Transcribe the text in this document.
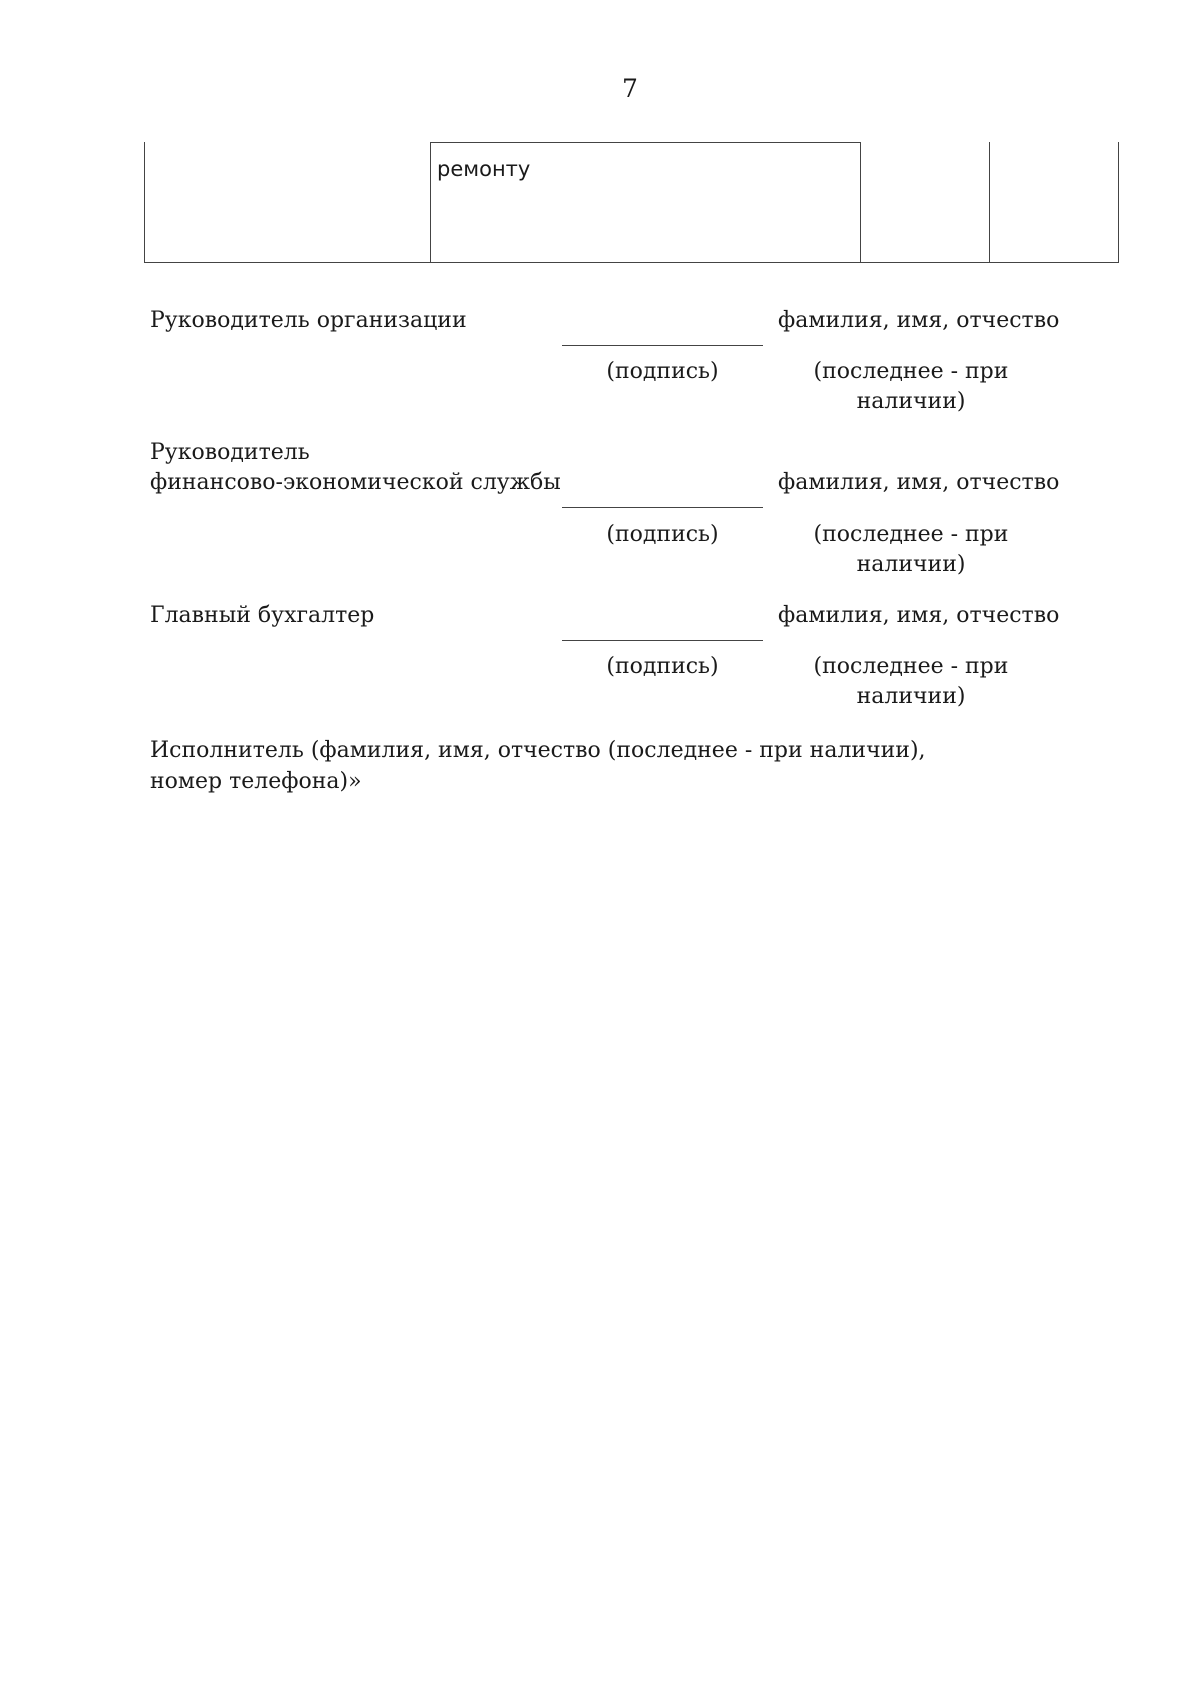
7
ремонту
Руководитель организации	фамилия, имя, отчество
(подпись)	(последнее - при
наличии)
Руководитель
финансово-экономической службы	фамилия, имя, отчество
(подпись)	(последнее - при
наличии)
Главный бухгалтер	фамилия, имя, отчество
(подпись)	(последнее - при
наличии)
Исполнитель (фамилия, имя, отчество (последнее - при наличии),
номер телефона)»
